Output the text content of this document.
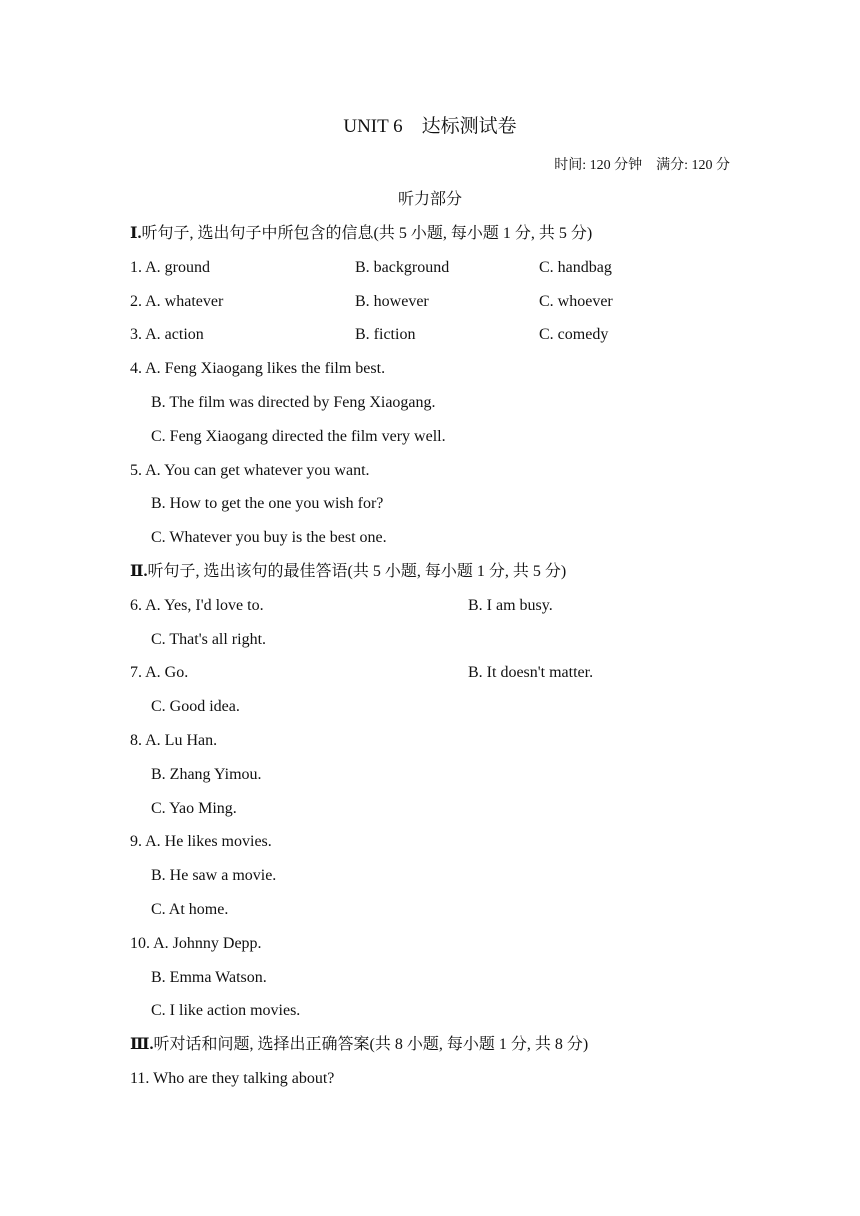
UNIT 6　达标测试卷
时间: 120 分钟　满分: 120 分
听力部分
Ⅰ.听句子, 选出句子中所包含的信息(共 5 小题, 每小题 1 分, 共 5 分)
1. A. ground	B. background	C. handbag
2. A. whatever	B. however	C. whoever
3. A. action	B. fiction	C. comedy
4. A. Feng Xiaogang likes the film best.
B. The film was directed by Feng Xiaogang.
C. Feng Xiaogang directed the film very well.
5. A. You can get whatever you want.
B. How to get the one you wish for?
C. Whatever you buy is the best one.
Ⅱ.听句子, 选出该句的最佳答语(共 5 小题, 每小题 1 分, 共 5 分)
6. A. Yes, I'd love to.	B. I am busy.
C. That's all right.
7. A. Go.	B. It doesn't matter.
C. Good idea.
8. A. Lu Han.
B. Zhang Yimou.
C. Yao Ming.
9. A. He likes movies.
B. He saw a movie.
C. At home.
10. A. Johnny Depp.
B. Emma Watson.
C. I like action movies.
Ⅲ.听对话和问题, 选择出正确答案(共 8 小题, 每小题 1 分, 共 8 分)
11. Who are they talking about?
